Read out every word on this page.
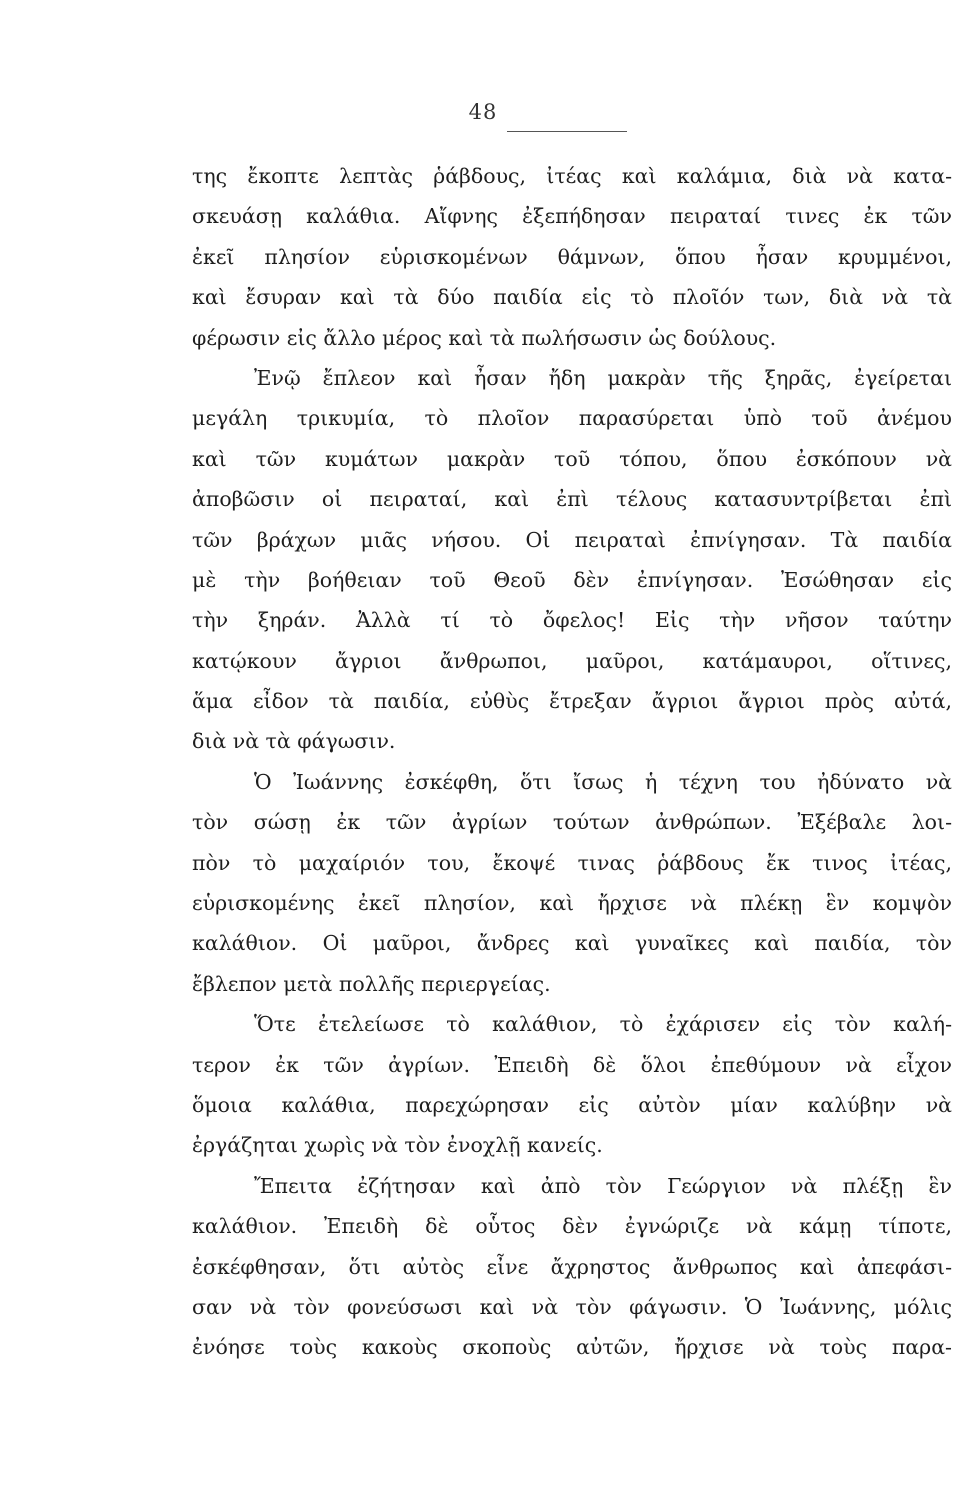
48
της ἔκοπτε λεπτὰς ῥάβδους, ἰτέας καὶ καλάμια, διὰ νὰ κατα-
σκευάσῃ καλάθια. Αἴφνης ἐξεπήδησαν πειραταί τινες ἐκ τῶν
ἐκεῖ πλησίον εὑρισκομένων θάμνων, ὅπου ἦσαν κρυμμένοι,
καὶ ἔσυραν καὶ τὰ δύο παιδία εἰς τὸ πλοῖόν των, διὰ νὰ τὰ
φέρωσιν εἰς ἄλλο μέρος καὶ τὰ πωλήσωσιν ὡς δούλους.
Ἐνῷ ἔπλεον καὶ ἦσαν ἤδη μακρὰν τῆς ξηρᾶς, ἐγείρεται
μεγάλη τρικυμία, τὸ πλοῖον παρασύρεται ὑπὸ τοῦ ἀνέμου
καὶ τῶν κυμάτων μακρὰν τοῦ τόπου, ὅπου ἐσκόπουν νὰ
ἀποβῶσιν οἱ πειραταί, καὶ ἐπὶ τέλους κατασυντρίβεται ἐπὶ
τῶν βράχων μιᾶς νήσου. Οἱ πειραταὶ ἐπνίγησαν. Τὰ παιδία
μὲ τὴν βοήθειαν τοῦ Θεοῦ δὲν ἐπνίγησαν. Ἐσώθησαν εἰς
τὴν ξηράν. Ἀλλὰ τί τὸ ὄφελος! Εἰς τὴν νῆσον ταύτην
κατῴκουν ἄγριοι ἄνθρωποι, μαῦροι, κατάμαυροι, οἵτινες,
ἅμα εἶδον τὰ παιδία, εὐθὺς ἔτρεξαν ἄγριοι ἄγριοι πρὸς αὐτά,
διὰ νὰ τὰ φάγωσιν.
Ὁ Ἰωάννης ἐσκέφθη, ὅτι ἴσως ἡ τέχνη του ἠδύνατο νὰ
τὸν σώσῃ ἐκ τῶν ἀγρίων τούτων ἀνθρώπων. Ἐξέβαλε λοι-
πὸν τὸ μαχαίριόν του, ἔκοψέ τινας ῥάβδους ἔκ τινος ἰτέας,
εὑρισκομένης ἐκεῖ πλησίον, καὶ ἤρχισε νὰ πλέκῃ ἓν κομψὸν
καλάθιον. Οἱ μαῦροι, ἄνδρες καὶ γυναῖκες καὶ παιδία, τὸν
ἔβλεπον μετὰ πολλῆς περιεργείας.
Ὅτε ἐτελείωσε τὸ καλάθιον, τὸ ἐχάρισεν εἰς τὸν καλή-
τερον ἐκ τῶν ἀγρίων. Ἐπειδὴ δὲ ὅλοι ἐπεθύμουν νὰ εἶχον
ὅμοια καλάθια, παρεχώρησαν εἰς αὐτὸν μίαν καλύβην νὰ
ἐργάζηται χωρὶς νὰ τὸν ἐνοχλῇ κανείς.
Ἔπειτα ἐζήτησαν καὶ ἀπὸ τὸν Γεώργιον νὰ πλέξῃ ἓν
καλάθιον. Ἐπειδὴ δὲ οὗτος δὲν ἐγνώριζε νὰ κάμῃ τίποτε,
ἐσκέφθησαν, ὅτι αὐτὸς εἶνε ἄχρηστος ἄνθρωπος καὶ ἀπεφάσι-
σαν νὰ τὸν φονεύσωσι καὶ νὰ τὸν φάγωσιν. Ὁ Ἰωάννης, μόλις
ἐνόησε τοὺς κακοὺς σκοποὺς αὐτῶν, ἤρχισε νὰ τοὺς παρα-
